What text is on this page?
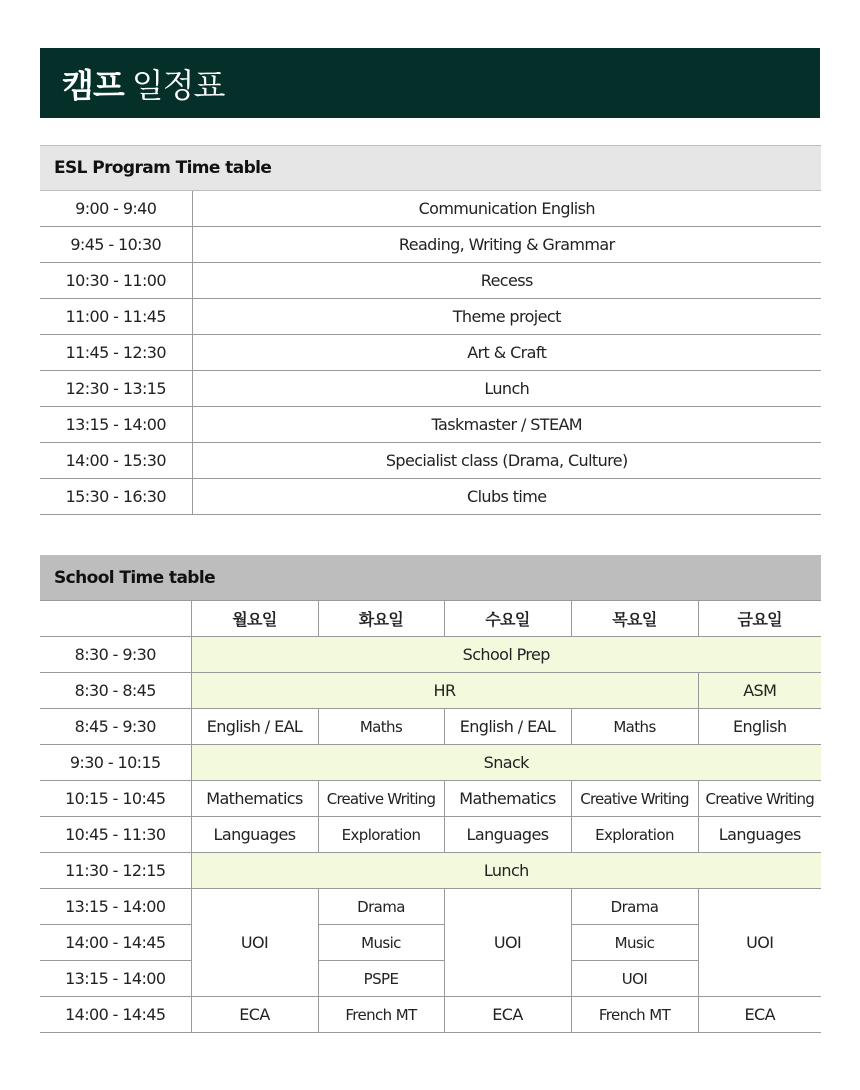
캠프 일정표
ESL Program Time table	
9:00 - 9:40	Communication English
9:45 - 10:30	Reading, Writing & Grammar
10:30 - 11:00	Recess
11:00 - 11:45	Theme project
11:45 - 12:30	Art & Craft
12:30 - 13:15	Lunch
13:15 - 14:00	Taskmaster / STEAM
14:00 - 15:30	Specialist class (Drama, Culture)
15:30 - 16:30	Clubs time
School Time table					
	월요일	화요일	수요일	목요일	금요일
8:30 - 9:30	School Prep				
8:30 - 8:45	HR				ASM
8:45 - 9:30	English / EAL	Maths	English / EAL	Maths	English
9:30 - 10:15	Snack				
10:15 - 10:45	Mathematics	Creative Writing	Mathematics	Creative Writing	Creative Writing
10:45 - 11:30	Languages	Exploration	Languages	Exploration	Languages
11:30 - 12:15	Lunch				
13:15 - 14:00	UOI	Drama	UOI	Drama	UOI
14:00 - 14:45		Music		Music	
13:15 - 14:00		PSPE		UOI	
14:00 - 14:45	ECA	French MT	ECA	French MT	ECA
